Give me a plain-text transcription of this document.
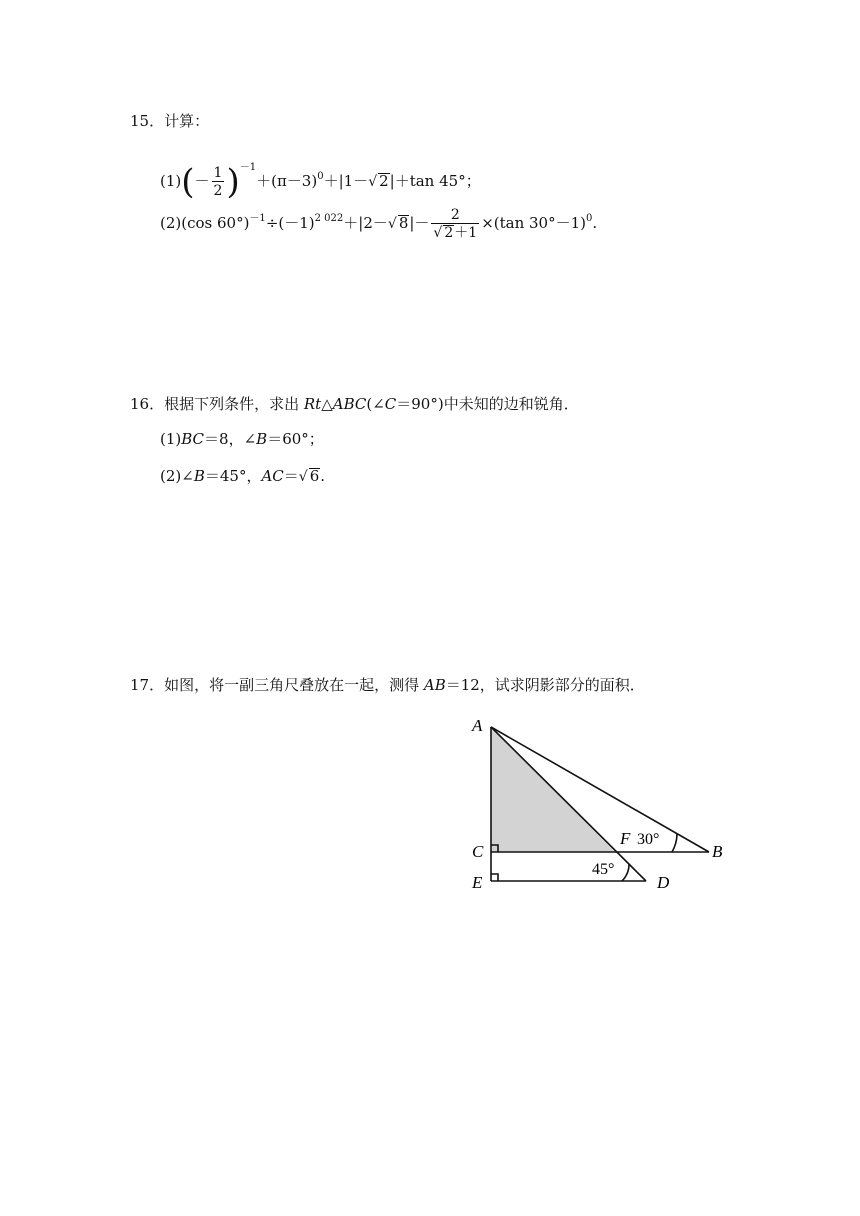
15．计算：
$(1)(- \frac{1}{2} )^{-1}+(\pi-3)^0+|1-√$ 2|＋tan 45°；
(2)(cos $60^\circ)^{-1}\div(-1)^{2 022}+|2-√$ $8|- \frac{2}{√ 2+1} \times(\tan$ 30°－1)$^0$.
16．根据下列条件，求出 Rt△ABC(∠C＝90°)中未知的边和锐角．
(1)BC＝8，∠B＝60°；
(2)∠B＝45°，AC＝√ 6.
17．如图，将一副三角尺叠放在一起，测得 AB＝12，试求阴影部分的面积．
A
C
E
F 30°
B
45°
D
